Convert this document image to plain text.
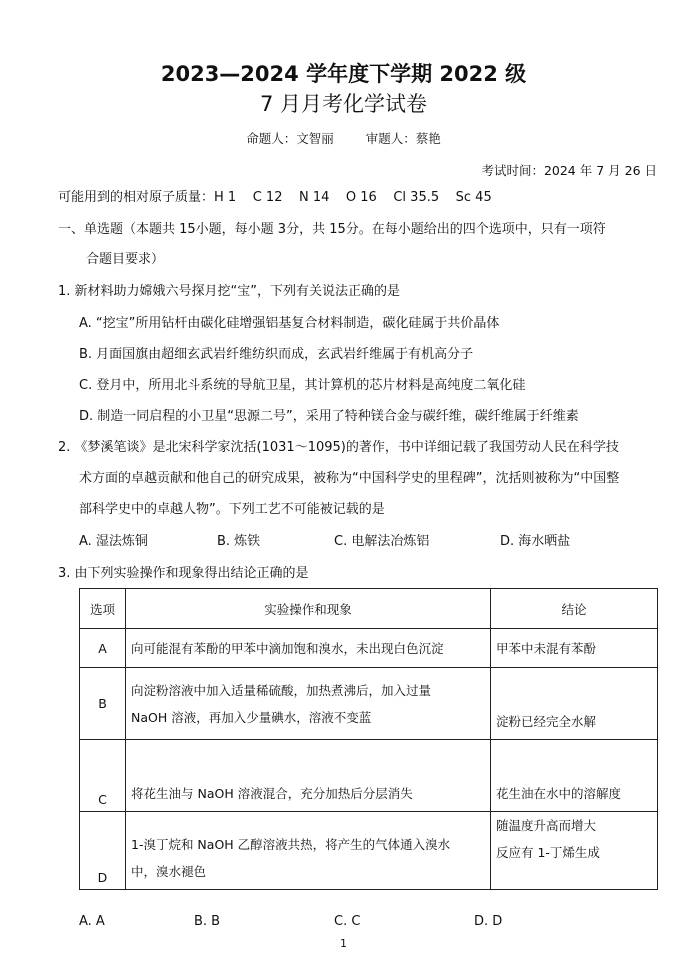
2023—2024 学年度下学期 2022 级
7 月月考化学试卷
命题人：文智丽	审题人：蔡艳
考试时间：2024 年 7 月 26 日
可能用到的相对原子质量：H 1    C 12    N 14    O 16    Cl 35.5    Sc 45
一、单选题（本题共 15小题，每小题 3分，共 15分。在每小题给出的四个选项中，只有一项符
合题目要求）
1. 新材料助力嫦娥六号探月挖“宝”，下列有关说法正确的是
A. “挖宝”所用钻杆由碳化硅增强铝基复合材料制造，碳化硅属于共价晶体
B. 月面国旗由超细玄武岩纤维纺织而成，玄武岩纤维属于有机高分子
C. 登月中，所用北斗系统的导航卫星，其计算机的芯片材料是高纯度二氧化硅
D. 制造一同启程的小卫星“思源二号”，采用了特种镁合金与碳纤维，碳纤维属于纤维素
2. 《梦溪笔谈》是北宋科学家沈括(1031～1095)的著作，书中详细记载了我国劳动人民在科学技
术方面的卓越贡献和他自己的研究成果，被称为“中国科学史的里程碑”，沈括则被称为“中国整
部科学史中的卓越人物”。下列工艺不可能被记载的是
A. 湿法炼铜	B. 炼铁	C. 电解法冶炼铝	D. 海水晒盐
3. 由下列实验操作和现象得出结论正确的是
选项	实验操作和现象	结论
A	向可能混有苯酚的甲苯中滴加饱和溴水，未出现白色沉淀	甲苯中未混有苯酚

B	向淀粉溶液中加入适量稀硫酸，加热煮沸后，加入过量
NaOH 溶液，再加入少量碘水，溶液不变蓝	淀粉已经完全水解

C	将花生油与 NaOH 溶液混合，充分加热后分层消失	花生油在水中的溶解度

D	1-溴丁烷和 NaOH 乙醇溶液共热，将产生的气体通入溴水
中，溴水褪色	随温度升高而增大
反应有 1-丁烯生成
A. A	B. B	C. C	D. D
1
